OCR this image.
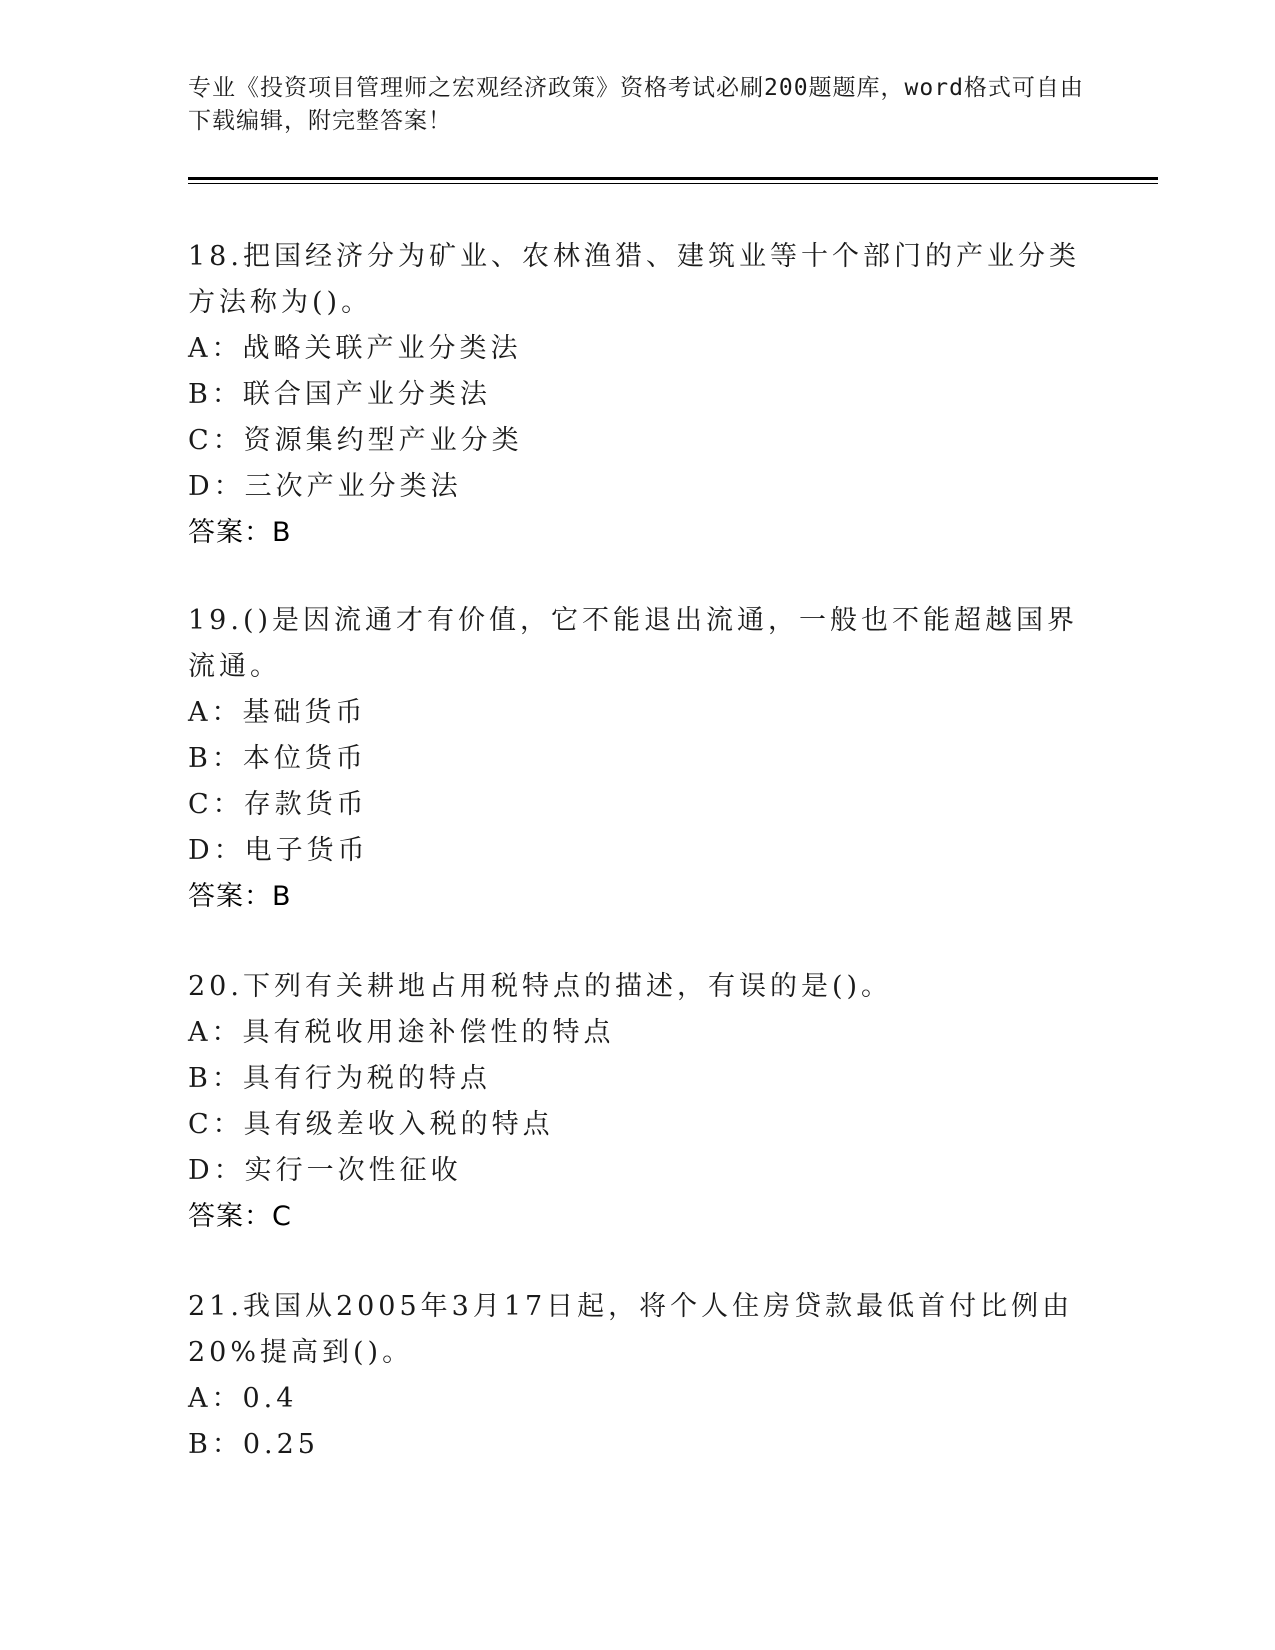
专业《投资项目管理师之宏观经济政策》资格考试必刷200题题库，word格式可自由下载编辑，附完整答案！

18.把国经济分为矿业、农林渔猎、建筑业等十个部门的产业分类方法称为()。

A：战略关联产业分类法

B：联合国产业分类法

C：资源集约型产业分类

D：三次产业分类法

答案：B

19.()是因流通才有价值，它不能退出流通，一般也不能超越国界流通。

A：基础货币

B：本位货币

C：存款货币

D：电子货币

答案：B

20.下列有关耕地占用税特点的描述，有误的是()。

A：具有税收用途补偿性的特点

B：具有行为税的特点

C：具有级差收入税的特点

D：实行一次性征收

答案：C

21.我国从2005年3月17日起，将个人住房贷款最低首付比例由20%提高到()。

A：0.4

B：0.25
